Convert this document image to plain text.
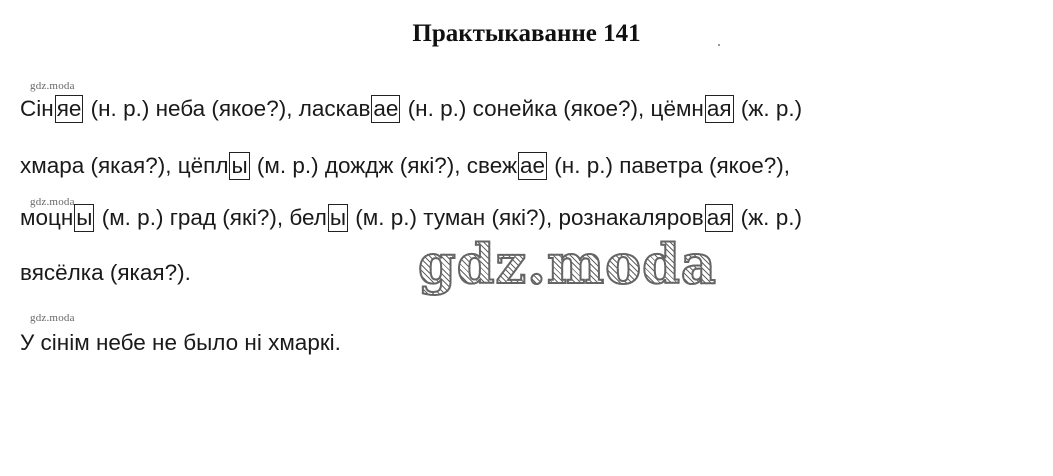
Практыкаванне 141
gdz.moda
gdz.moda
gdz.moda
Сін яе (н. р.) неба (якое?), ласкав ае (н. р.) сонейка (якое?), цёмн ая (ж. р.)
хмара (якая?), цёпл ы (м. р.) дождж (які?), свеж ае (н. р.) паветра (якое?),
моцн ы (м. р.) град (які?), бел ы (м. р.) туман (які?), рознакаляров ая (ж. р.)
вясёлка (якая?).	gdz.moda
У сінім небе не было ні хмаркі.
